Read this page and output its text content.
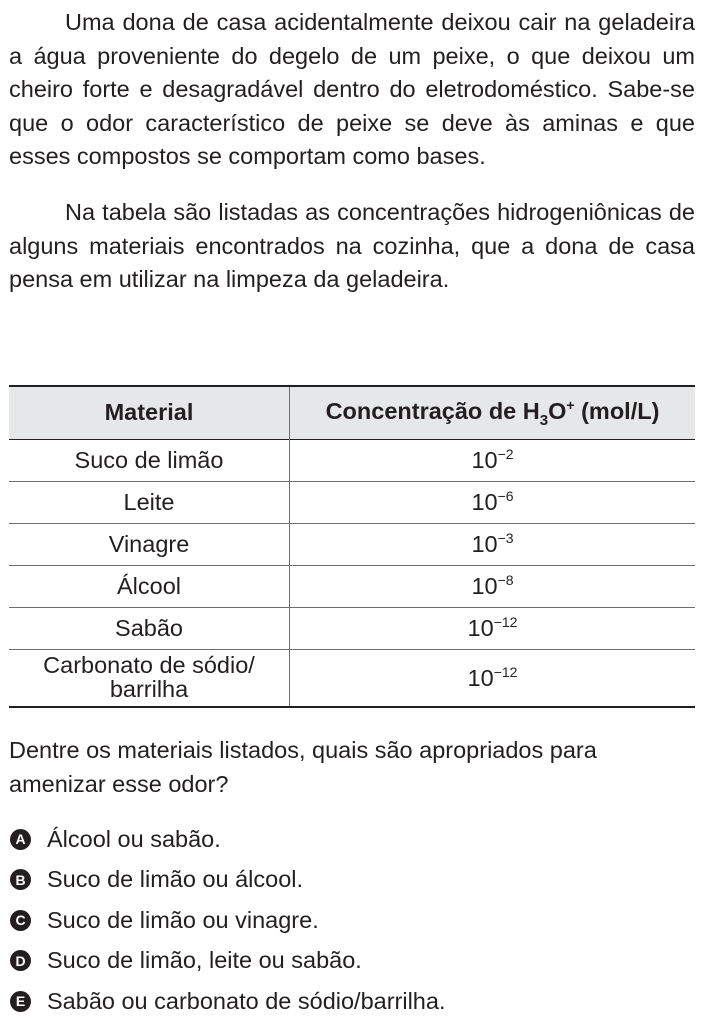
Uma dona de casa acidentalmente deixou cair na geladeira a água proveniente do degelo de um peixe, o que deixou um cheiro forte e desagradável dentro do eletrodoméstico. Sabe-se que o odor característico de peixe se deve às aminas e que esses compostos se comportam como bases.

Na tabela são listadas as concentrações hidrogeniônicas de alguns materiais encontrados na cozinha, que a dona de casa pensa em utilizar na limpeza da geladeira.

Material	Concentração de $H_3O^+$ (mol/L)
Suco de limão	$10^{-2}$
Leite	$10^{-6}$
Vinagre	$10^{-3}$
Álcool	$10^{-8}$
Sabão	$10^{-12}$
Carbonato de sódio/
barrilha	$10^{-12}$

Dentre os materiais listados, quais são apropriados para amenizar esse odor?

A Álcool ou sabão.
B Suco de limão ou álcool.
C Suco de limão ou vinagre.
D Suco de limão, leite ou sabão.
E Sabão ou carbonato de sódio/barrilha.
